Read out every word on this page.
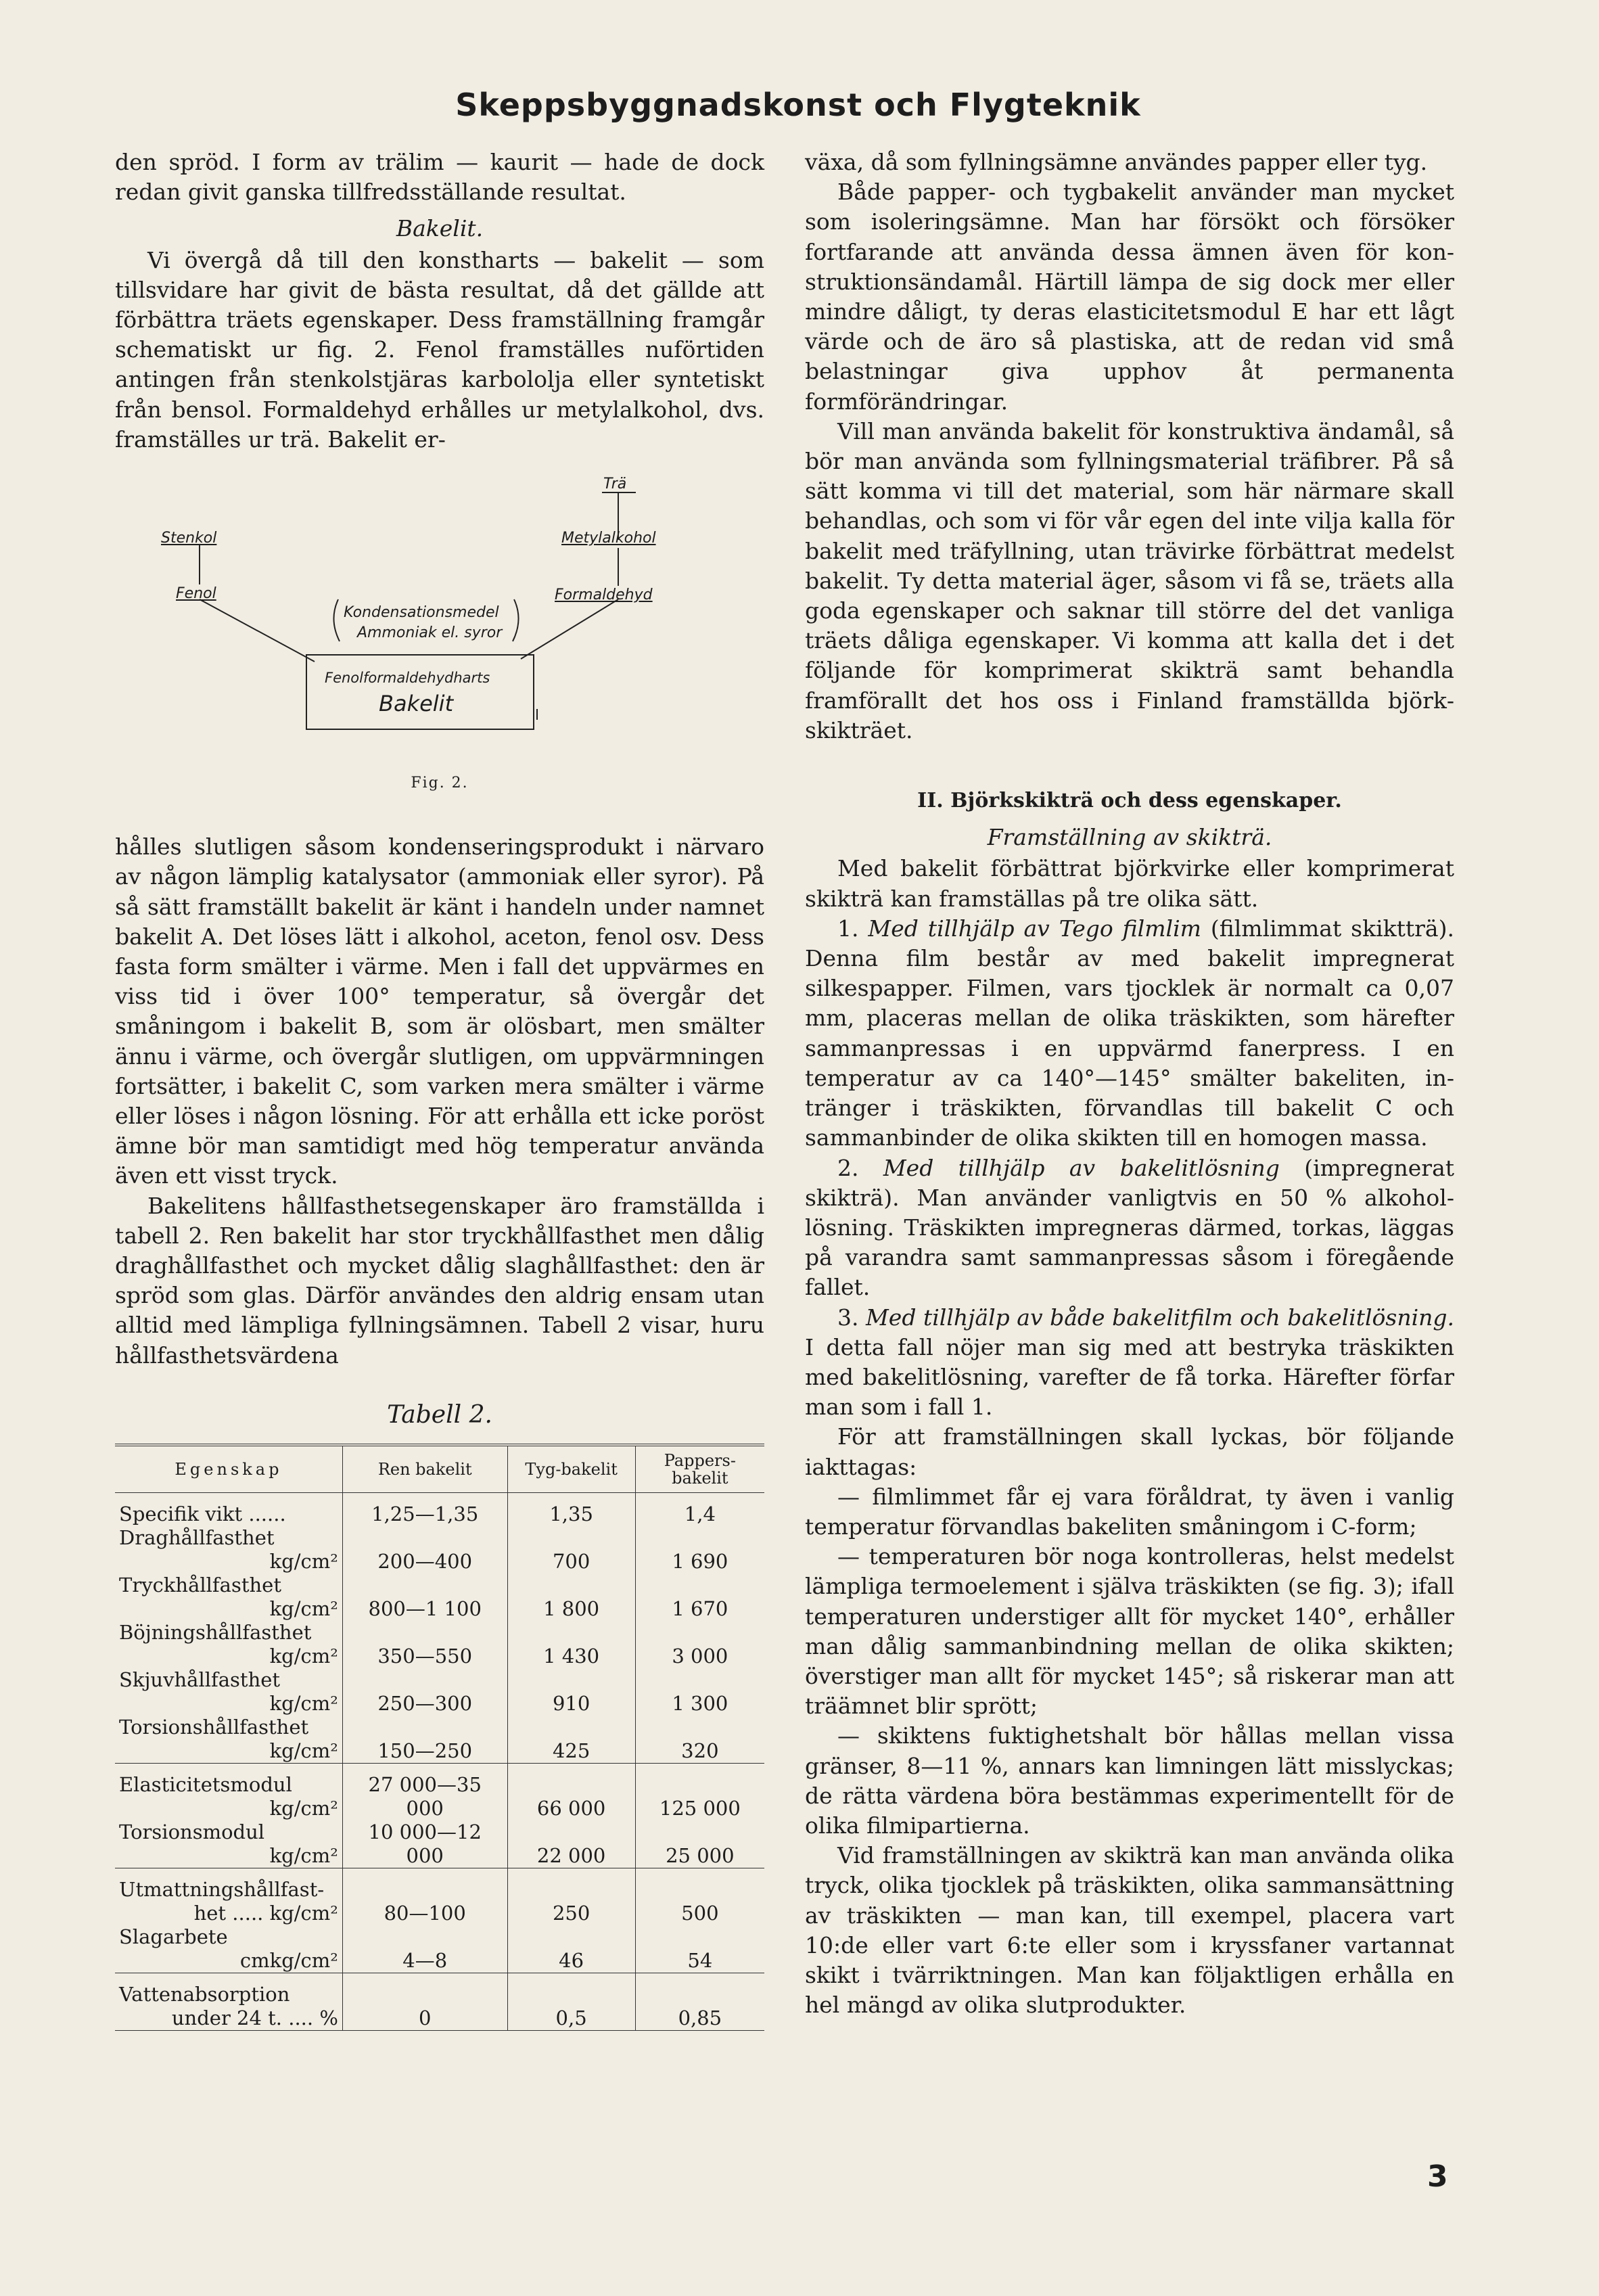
Skeppsbyggnadskonst och Flygteknik

den spröd. I form av trälim — kaurit — hade de dock redan givit ganska tillfredsställande resultat.

Bakelit.

Vi övergå då till den konstharts — bakelit — som tillsvidare har givit de bästa resultat, då det gällde att förbättra träets egenskaper. Dess framställning framgår schematiskt ur fig. 2. Fenol framställes nuförtiden antingen från stenkolstjäras karbololja eller syntetiskt från bensol. Formaldehyd erhålles ur metylalkohol, dvs. framställes ur trä. Bakelit er-

Trä
Stenkol	Metylalkohol
Fenol	Formaldehyd
Kondensationsmedel
Ammoniak el. syror
Fenolformaldehydharts
Bakelit
Fig. 2.

hålles slutligen såsom kondenseringsprodukt i närvaro av någon lämplig katalysator (ammoniak eller syror). På så sätt framställt bakelit är känt i handeln under namnet bakelit A. Det löses lätt i alkohol, aceton, fenol osv. Dess fasta form smälter i värme. Men i fall det uppvärmes en viss tid i över 100° temperatur, så övergår det småningom i bakelit B, som är olösbart, men smälter ännu i värme, och övergår slutligen, om uppvärmningen fortsätter, i bakelit C, som varken mera smälter i värme eller löses i någon lösning. För att erhålla ett icke poröst ämne bör man samtidigt med hög temperatur använda även ett visst tryck.

Bakelitens hållfasthetsegenskaper äro framställda i tabell 2. Ren bakelit har stor tryckhållfasthet men dålig draghållfasthet och mycket dålig slaghållfasthet: den är spröd som glas. Därför användes den aldrig ensam utan alltid med lämpliga fyllningsämnen. Tabell 2 visar, huru hållfasthetsvärdena

Tabell 2.
Egenskap	Ren bakelit	Tyg-bakelit	Pappers-bakelit
Specifik vikt ......	1,25—1,35	1,35	1,4
Draghållfasthet
kg/cm²	200—400	700	1 690
Tryckhållfasthet
kg/cm²	800—1 100	1 800	1 670
Böjningshållfasthet
kg/cm²	350—550	1 430	3 000
Skjuvhållfasthet
kg/cm²	250—300	910	1 300
Torsionshållfasthet
kg/cm²	150—250	425	320
Elasticitetsmodul
kg/cm²	27 000—35 000	66 000	125 000
Torsionsmodul
kg/cm²	10 000—12 000	22 000	25 000
Utmattningshållfast-
het ..... kg/cm²	80—100	250	500
Slagarbete
cmkg/cm²	4—8	46	54
Vattenabsorption
under 24 t. .... %	0	0,5	0,85

växa, då som fyllningsämne användes papper eller tyg.

Både papper- och tygbakelit använder man mycket som isoleringsämne. Man har försökt och försöker fortfarande att använda dessa ämnen även för konstruktionsändamål. Härtill lämpa de sig dock mer eller mindre dåligt, ty deras elasticitetsmodul E har ett lågt värde och de äro så plastiska, att de redan vid små belastningar giva upphov åt permanenta formförändringar.

Vill man använda bakelit för konstruktiva ändamål, så bör man använda som fyllningsmaterial träfibrer. På så sätt komma vi till det material, som här närmare skall behandlas, och som vi för vår egen del inte vilja kalla för bakelit med träfyllning, utan trävirke förbättrat medelst bakelit. Ty detta material äger, såsom vi få se, träets alla goda egenskaper och saknar till större del det vanliga träets dåliga egenskaper. Vi komma att kalla det i det följande för komprimerat skikträ samt behandla framförallt det hos oss i Finland framställda björkskikträet.

II. Björkskikträ och dess egenskaper.
Framställning av skikträ.

Med bakelit förbättrat björkvirke eller komprimerat skikträ kan framställas på tre olika sätt.

1. Med tillhjälp av Tego filmlim (filmlimmat skiktträ). Denna film består av med bakelit impregnerat silkespapper. Filmen, vars tjocklek är normalt ca 0,07 mm, placeras mellan de olika träskikten, som härefter sammanpressas i en uppvärmd fanerpress. I en temperatur av ca 140°—145° smälter bakeliten, intränger i träskikten, förvandlas till bakelit C och sammanbinder de olika skikten till en homogen massa.

2. Med tillhjälp av bakelitlösning (impregnerat skikträ). Man använder vanligtvis en 50 % alkohollösning. Träskikten impregneras därmed, torkas, läggas på varandra samt sammanpressas såsom i föregående fallet.

3. Med tillhjälp av både bakelitfilm och bakelitlösning. I detta fall nöjer man sig med att bestryka träskikten med bakelitlösning, varefter de få torka. Härefter förfar man som i fall 1.

För att framställningen skall lyckas, bör följande iakttagas:

— filmlimmet får ej vara föråldrat, ty även i vanlig temperatur förvandlas bakeliten småningom i C-form;

— temperaturen bör noga kontrolleras, helst medelst lämpliga termoelement i själva träskikten (se fig. 3); ifall temperaturen understiger allt för mycket 140°, erhåller man dålig sammanbindning mellan de olika skikten; överstiger man allt för mycket 145°; så riskerar man att träämnet blir sprött;

— skiktens fuktighetshalt bör hållas mellan vissa gränser, 8—11 %, annars kan limningen lätt misslyckas; de rätta värdena böra bestämmas experimentellt för de olika filmipartierna.

Vid framställningen av skikträ kan man använda olika tryck, olika tjocklek på träskikten, olika sammansättning av träskikten — man kan, till exempel, placera vart 10:de eller vart 6:te eller som i kryssfaner vartannat skikt i tvärriktningen. Man kan följaktligen erhålla en hel mängd av olika slutprodukter.

3
